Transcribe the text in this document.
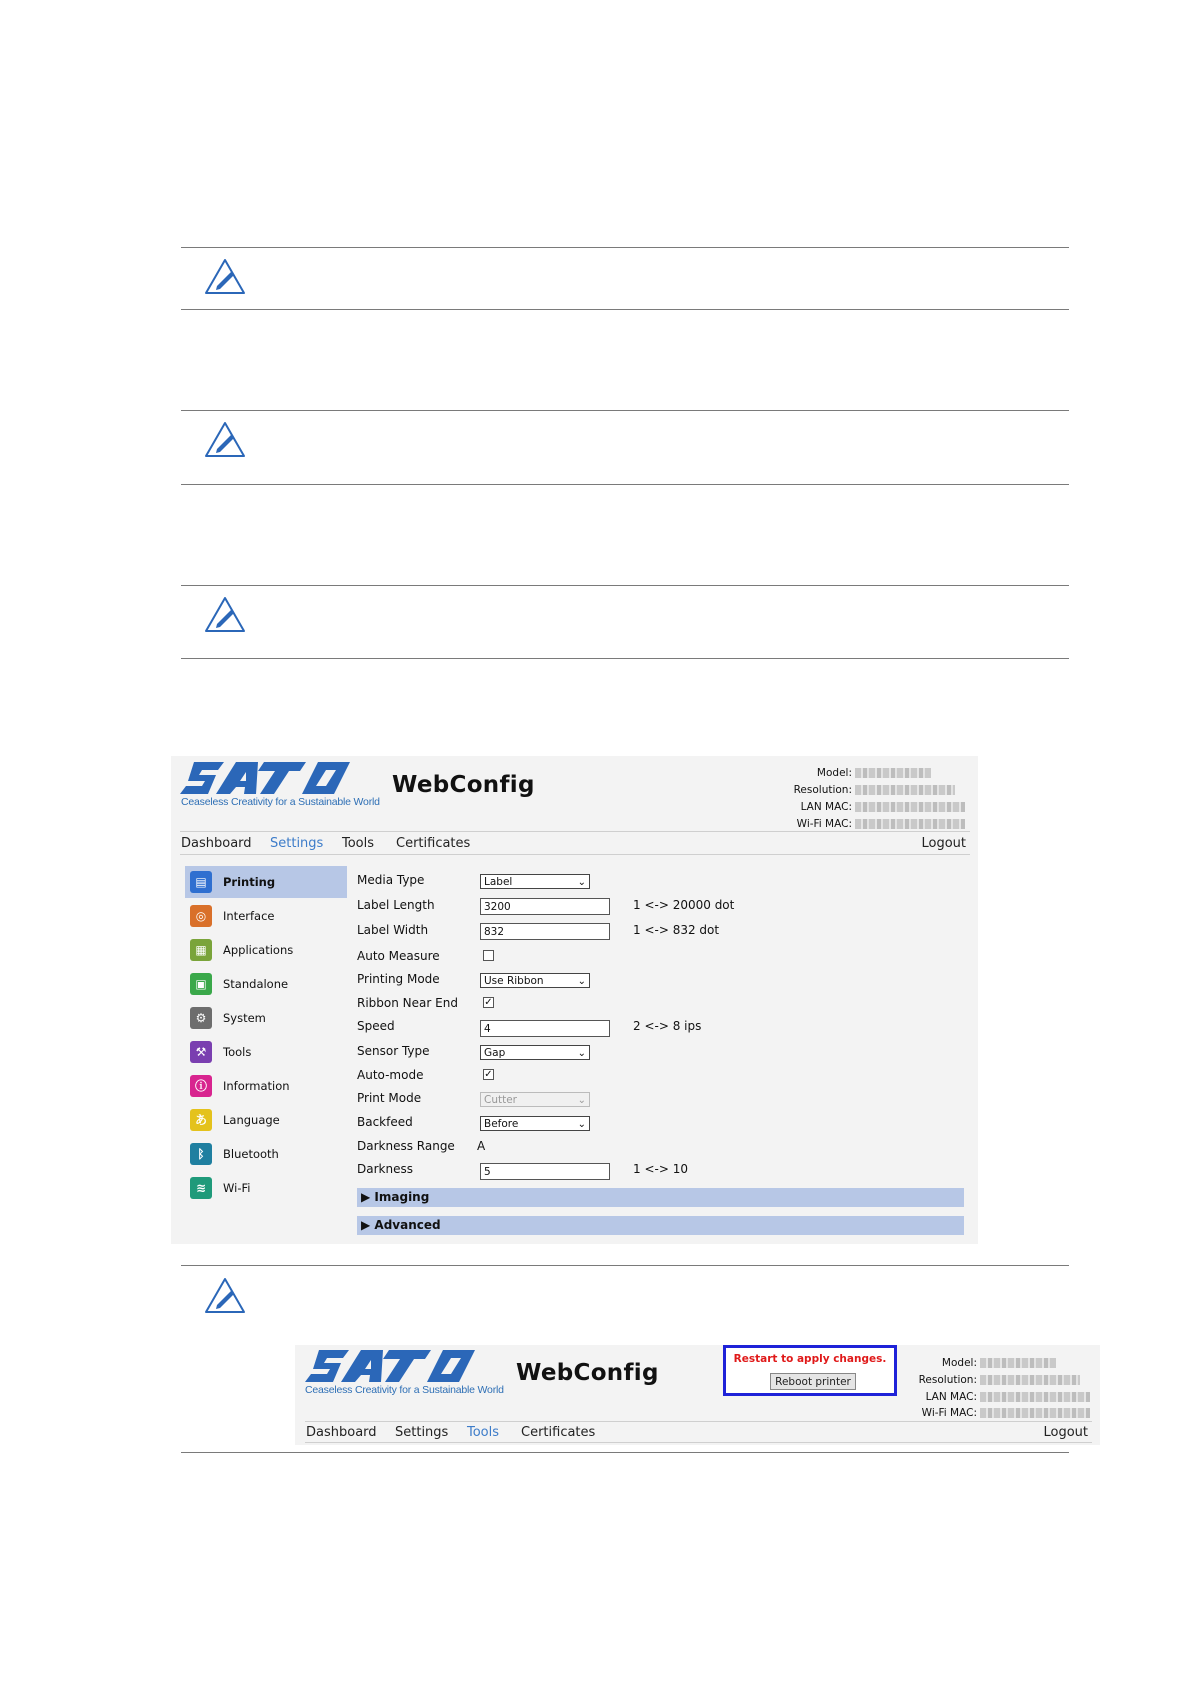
Ceaseless Creativity for a Sustainable World
WebConfig	Model:
Resolution:
LAN MAC:
Wi-Fi MAC:
Dashboard Settings Tools Certificates	Logout
▤	Printing
◎	Interface
▦	Applications
▣	Standalone
⚙	System
⚒	Tools
ⓘ	Information
あ	Language
ᛒ	Bluetooth
≋	Wi-Fi
Media Type	Label	⌄
Label Length	3200	1 <-> 20000 dot
Label Width	832	1 <-> 832 dot
Auto Measure
Printing Mode	Use Ribbon	⌄
Ribbon Near End	✓
Speed	4	2 <-> 8 ips
Sensor Type	Gap	⌄
Auto-mode	✓
Print Mode	Cutter	⌄
Backfeed	Before	⌄
Darkness Range A
Darkness	5	1 <-> 10
▶ Imaging
▶ Advanced
Ceaseless Creativity for a Sustainable World
WebConfig
Restart to apply changes.
Reboot printer
Model:
Resolution:
LAN MAC:
Wi-Fi MAC:
Dashboard Settings Tools Certificates	Logout
